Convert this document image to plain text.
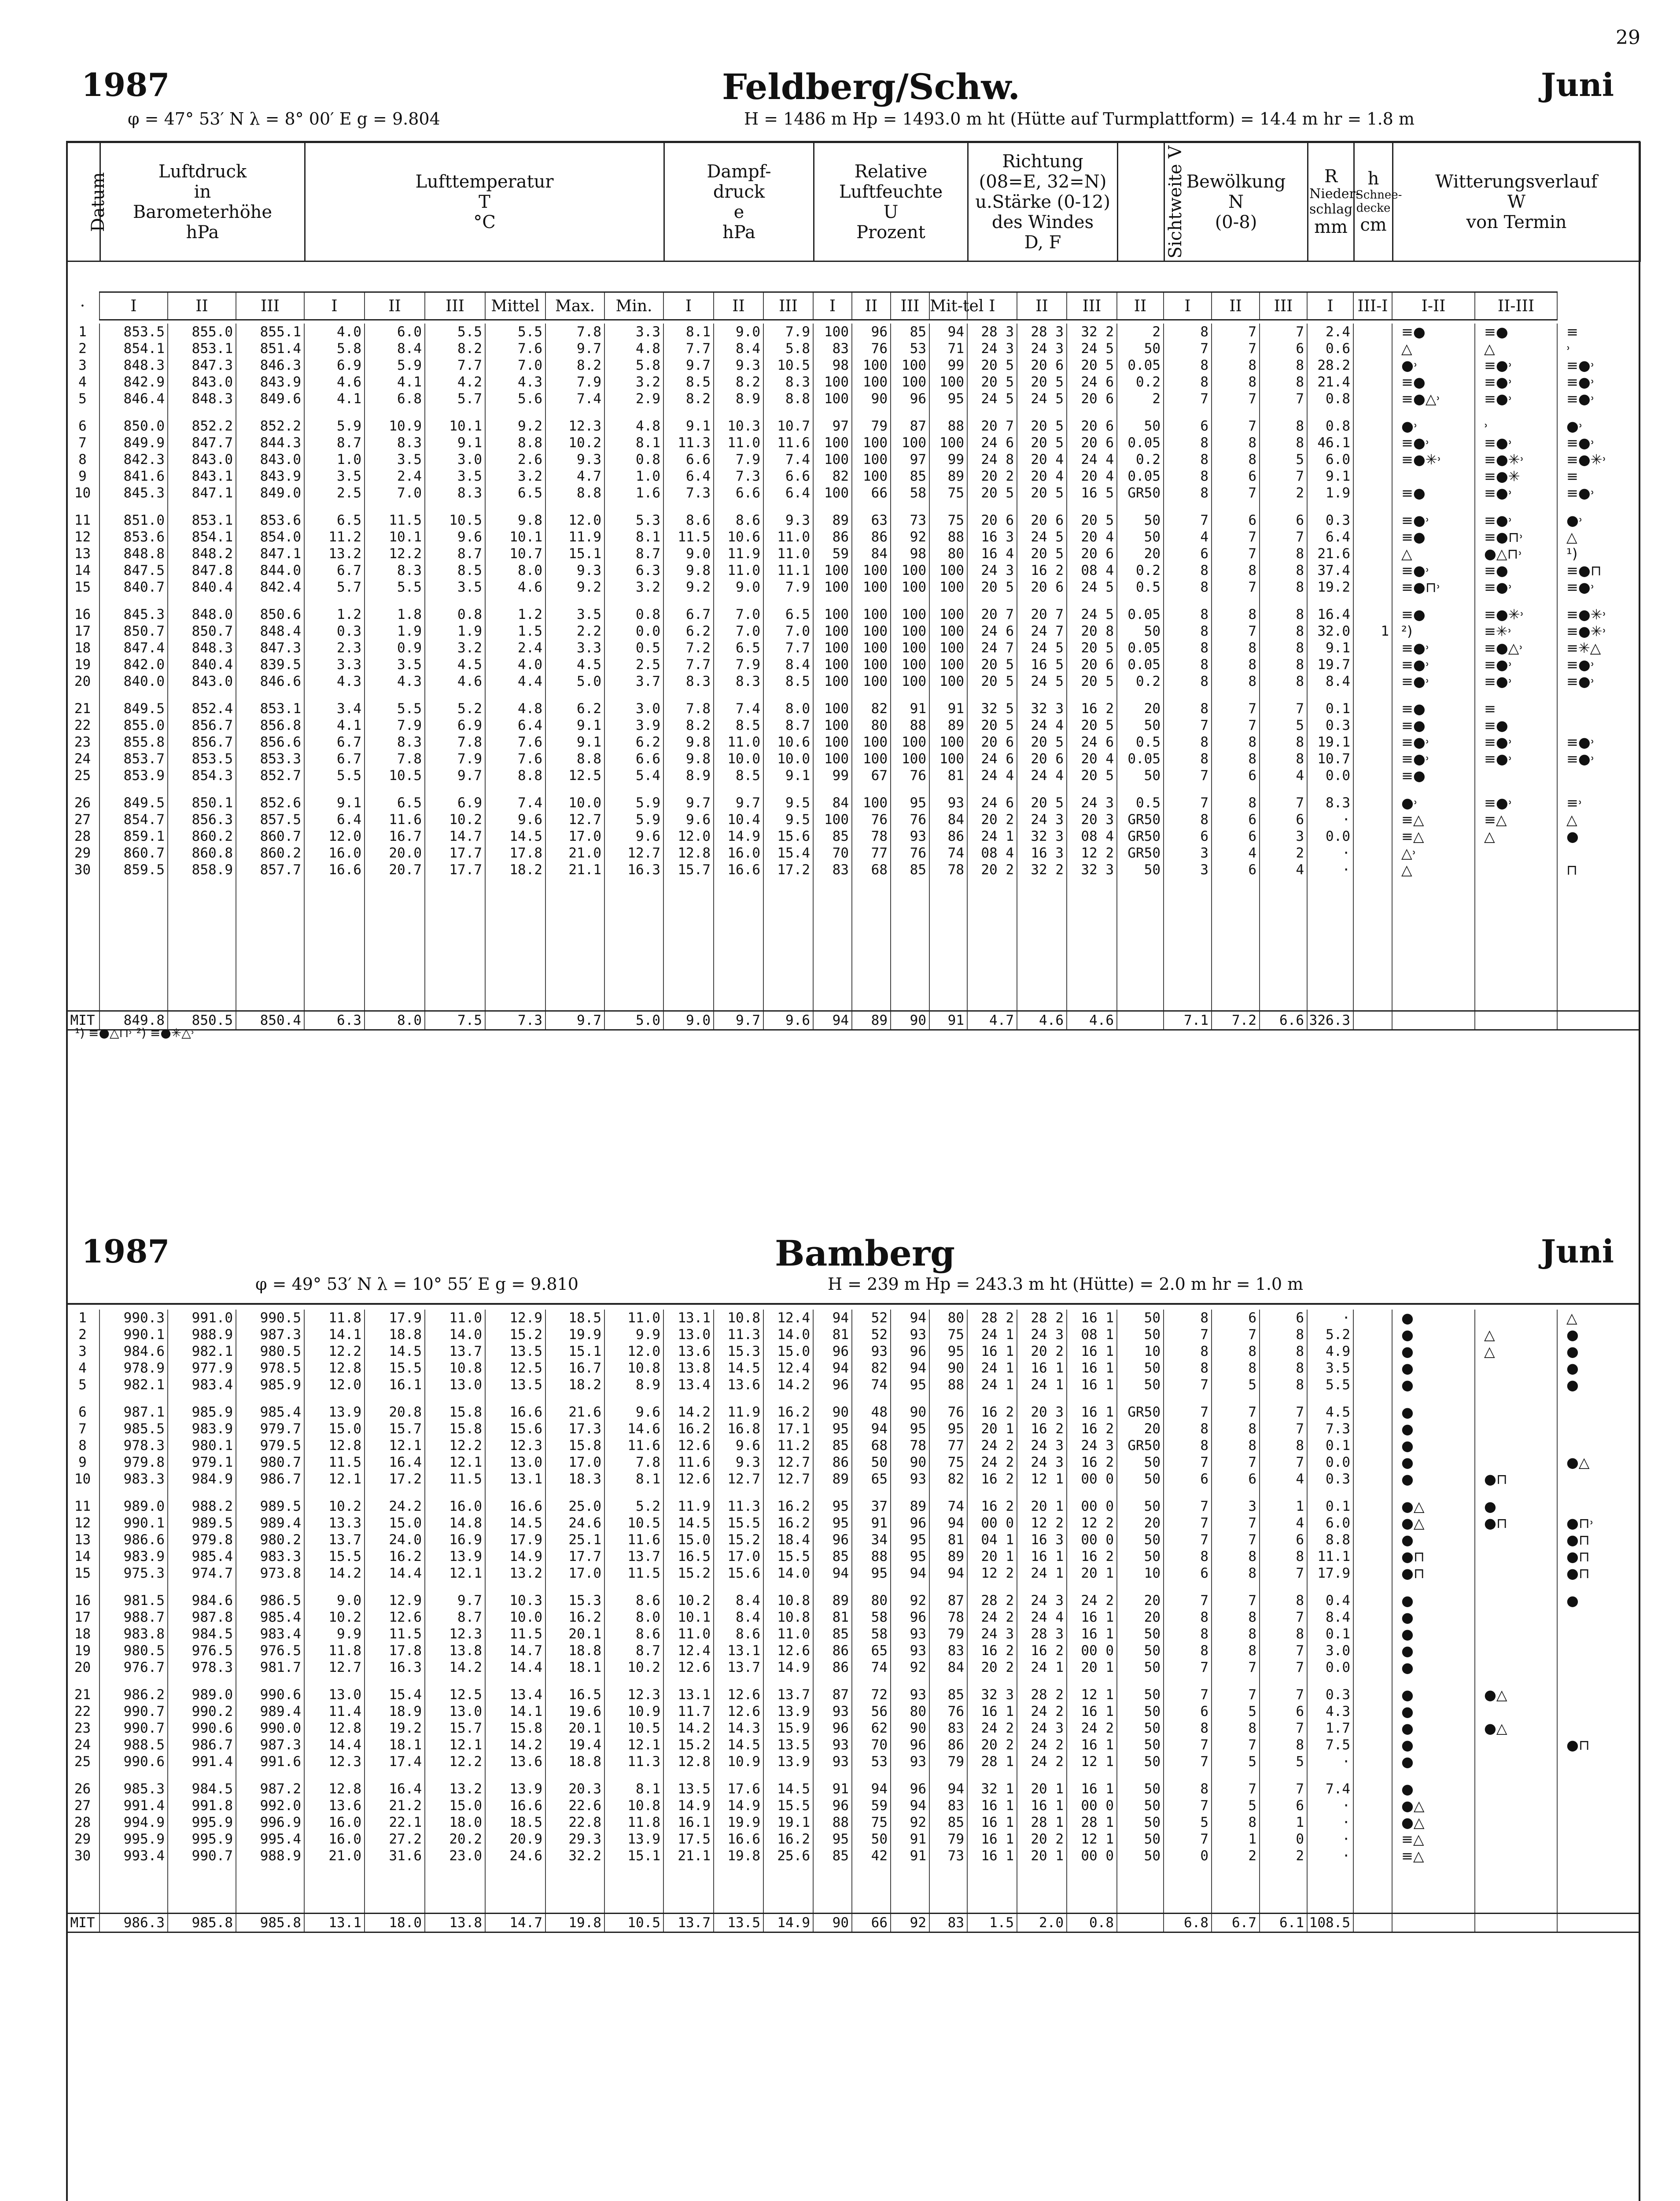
29
1987	Feldberg/Schw.	Juni
φ = 47° 53′ N λ = 8° 00′ E g = 9.804	H = 1486 m Hp = 1493.0 m ht (Hütte auf Turmplattform) = 14.4 m hr = 1.8 m
Datum	
Luftdruck
in
Barometerhöhe
hPa

Lufttemperatur
T
°C

Dampf-
druck
e
hPa

Relative
Luftfeuchte
U
Prozent

Richtung
(08=E, 32=N)
u.Stärke (0-12)
des Windes
D, F	Sichtweite V	Bewölkung
N
(0-8)

R
Nieder-schlag
mm

h
Schnee-decke
cm

Witterungsverlauf
W
von Termin
·	I	II	III	I	II	III	Mittel	Max.	Min.	I	II	III	I	II	III	Mit-tel	I	II	III	II	I	II	III	I	III-I	I-II	II-III
1	853.5	855.0	855.1	4.0	6.0	5.5	5.5	7.8	3.3	8.1	9.0	7.9	100	96	85	94	28 3	28 3	32 2	2	8	7	7	2.4		≡●	≡●	≡
2	854.1	853.1	851.4	5.8	8.4	8.2	7.6	9.7	4.8	7.7	8.4	5.8	83	76	53	71	24 3	24 3	24 5	50	7	7	6	0.6		△	△	˒
3	848.3	847.3	846.3	6.9	5.9	7.7	7.0	8.2	5.8	9.7	9.3	10.5	98	100	100	99	20 5	20 6	20 5	0.05	8	8	8	28.2		●˒	≡●˒	≡●˒
4	842.9	843.0	843.9	4.6	4.1	4.2	4.3	7.9	3.2	8.5	8.2	8.3	100	100	100	100	20 5	20 5	24 6	0.2	8	8	8	21.4		≡●	≡●˒	≡●˒
5	846.4	848.3	849.6	4.1	6.8	5.7	5.6	7.4	2.9	8.2	8.9	8.8	100	90	96	95	24 5	24 5	20 6	2	7	7	7	0.8		≡●△˒	≡●˒	≡●˒

6	850.0	852.2	852.2	5.9	10.9	10.1	9.2	12.3	4.8	9.1	10.3	10.7	97	79	87	88	20 7	20 5	20 6	50	6	7	8	0.8		●˒	˒	●˒
7	849.9	847.7	844.3	8.7	8.3	9.1	8.8	10.2	8.1	11.3	11.0	11.6	100	100	100	100	24 6	20 5	20 6	0.05	8	8	8	46.1		≡●˒	≡●˒	≡●˒
8	842.3	843.0	843.0	1.0	3.5	3.0	2.6	9.3	0.8	6.6	7.9	7.4	100	100	97	99	24 8	20 4	24 4	0.2	8	8	5	6.0		≡●✳˒	≡●✳˒	≡●✳˒
9	841.6	843.1	843.9	3.5	2.4	3.5	3.2	4.7	1.0	6.4	7.3	6.6	82	100	85	89	20 2	20 4	20 4	0.05	8	6	7	9.1			≡●✳	≡
10	845.3	847.1	849.0	2.5	7.0	8.3	6.5	8.8	1.6	7.3	6.6	6.4	100	66	58	75	20 5	20 5	16 5	GR50	8	7	2	1.9		≡●	≡●˒	≡●˒

11	851.0	853.1	853.6	6.5	11.5	10.5	9.8	12.0	5.3	8.6	8.6	9.3	89	63	73	75	20 6	20 6	20 5	50	7	6	6	0.3		≡●˒	≡●˒	●˒
12	853.6	854.1	854.0	11.2	10.1	9.6	10.1	11.9	8.1	11.5	10.6	11.0	86	86	92	88	16 3	24 5	20 4	50	4	7	7	6.4		≡●	≡●⊓˒	△
13	848.8	848.2	847.1	13.2	12.2	8.7	10.7	15.1	8.7	9.0	11.9	11.0	59	84	98	80	16 4	20 5	20 6	20	6	7	8	21.6		△	●△⊓˒	¹)
14	847.5	847.8	844.0	6.7	8.3	8.5	8.0	9.3	6.3	9.8	11.0	11.1	100	100	100	100	24 3	16 2	08 4	0.2	8	8	8	37.4		≡●˒	≡●	≡●⊓
15	840.7	840.4	842.4	5.7	5.5	3.5	4.6	9.2	3.2	9.2	9.0	7.9	100	100	100	100	20 5	20 6	24 5	0.5	8	7	8	19.2		≡●⊓˒	≡●˒	≡●˒

16	845.3	848.0	850.6	1.2	1.8	0.8	1.2	3.5	0.8	6.7	7.0	6.5	100	100	100	100	20 7	20 7	24 5	0.05	8	8	8	16.4		≡●	≡●✳˒	≡●✳˒
17	850.7	850.7	848.4	0.3	1.9	1.9	1.5	2.2	0.0	6.2	7.0	7.0	100	100	100	100	24 6	24 7	20 8	50	8	7	8	32.0	1	²)	≡✳˒	≡●✳˒
18	847.4	848.3	847.3	2.3	0.9	3.2	2.4	3.3	0.5	7.2	6.5	7.7	100	100	100	100	24 7	24 5	20 5	0.05	8	8	8	9.1		≡●˒	≡●△˒	≡✳△
19	842.0	840.4	839.5	3.3	3.5	4.5	4.0	4.5	2.5	7.7	7.9	8.4	100	100	100	100	20 5	16 5	20 6	0.05	8	8	8	19.7		≡●˒	≡●˒	≡●˒
20	840.0	843.0	846.6	4.3	4.3	4.6	4.4	5.0	3.7	8.3	8.3	8.5	100	100	100	100	20 5	24 5	20 5	0.2	8	8	8	8.4		≡●˒	≡●˒	≡●˒

21	849.5	852.4	853.1	3.4	5.5	5.2	4.8	6.2	3.0	7.8	7.4	8.0	100	82	91	91	32 5	32 3	16 2	20	8	7	7	0.1		≡●	≡	
22	855.0	856.7	856.8	4.1	7.9	6.9	6.4	9.1	3.9	8.2	8.5	8.7	100	80	88	89	20 5	24 4	20 5	50	7	7	5	0.3		≡●	≡●	
23	855.8	856.7	856.6	6.7	8.3	7.8	7.6	9.1	6.2	9.8	11.0	10.6	100	100	100	100	20 6	20 5	24 6	0.5	8	8	8	19.1		≡●˒	≡●˒	≡●˒
24	853.7	853.5	853.3	6.7	7.8	7.9	7.6	8.8	6.6	9.8	10.0	10.0	100	100	100	100	24 6	20 6	20 4	0.05	8	8	8	10.7		≡●˒	≡●˒	≡●˒
25	853.9	854.3	852.7	5.5	10.5	9.7	8.8	12.5	5.4	8.9	8.5	9.1	99	67	76	81	24 4	24 4	20 5	50	7	6	4	0.0		≡●		

26	849.5	850.1	852.6	9.1	6.5	6.9	7.4	10.0	5.9	9.7	9.7	9.5	84	100	95	93	24 6	20 5	24 3	0.5	7	8	7	8.3		●˒	≡●˒	≡˒
27	854.7	856.3	857.5	6.4	11.6	10.2	9.6	12.7	5.9	9.6	10.4	9.5	100	76	76	84	20 2	24 3	20 3	GR50	8	6	6	·		≡△	≡△	△
28	859.1	860.2	860.7	12.0	16.7	14.7	14.5	17.0	9.6	12.0	14.9	15.6	85	78	93	86	24 1	32 3	08 4	GR50	6	6	3	0.0		≡△	△	●
29	860.7	860.8	860.2	16.0	20.0	17.7	17.8	21.0	12.7	12.8	16.0	15.4	70	77	76	74	08 4	16 3	12 2	GR50	3	4	2	·		△˒		
30	859.5	858.9	857.7	16.6	20.7	17.7	18.2	21.1	16.3	15.7	16.6	17.2	83	68	85	78	20 2	32 2	32 3	50	3	6	4	·		△		⊓

MIT	849.8	850.5	850.4	6.3	8.0	7.5	7.3	9.7	5.0	9.0	9.7	9.6	94	89	90	91	4.7	4.6	4.6		7.1	7.2	6.6	326.3				
¹) ≡●△⊓˒ ²) ≡●✳△˒
1987	Bamberg	Juni
φ = 49° 53′ N λ = 10° 55′ E g = 9.810	H = 239 m Hp = 243.3 m ht (Hütte) = 2.0 m hr = 1.0 m
1	990.3	991.0	990.5	11.8	17.9	11.0	12.9	18.5	11.0	13.1	10.8	12.4	94	52	94	80	28 2	28 2	16 1	50	8	6	6	·		●		△
2	990.1	988.9	987.3	14.1	18.8	14.0	15.2	19.9	9.9	13.0	11.3	14.0	81	52	93	75	24 1	24 3	08 1	50	7	7	8	5.2		●	△	●
3	984.6	982.1	980.5	12.2	14.5	13.7	13.5	15.1	12.0	13.6	15.3	15.0	96	93	96	95	16 1	20 2	16 1	10	8	8	8	4.9		●	△	●
4	978.9	977.9	978.5	12.8	15.5	10.8	12.5	16.7	10.8	13.8	14.5	12.4	94	82	94	90	24 1	16 1	16 1	50	8	8	8	3.5		●		●
5	982.1	983.4	985.9	12.0	16.1	13.0	13.5	18.2	8.9	13.4	13.6	14.2	96	74	95	88	24 1	24 1	16 1	50	7	5	8	5.5		●		●

6	987.1	985.9	985.4	13.9	20.8	15.8	16.6	21.6	9.6	14.2	11.9	16.2	90	48	90	76	16 2	20 3	16 1	GR50	7	7	7	4.5		●		
7	985.5	983.9	979.7	15.0	15.7	15.8	15.6	17.3	14.6	16.2	16.8	17.1	95	94	95	95	20 1	16 2	16 2	20	8	8	7	7.3		●		
8	978.3	980.1	979.5	12.8	12.1	12.2	12.3	15.8	11.6	12.6	9.6	11.2	85	68	78	77	24 2	24 3	24 3	GR50	8	8	8	0.1		●		
9	979.8	979.1	980.7	11.5	16.4	12.1	13.0	17.0	7.8	11.6	9.3	12.7	86	50	90	75	24 2	24 3	16 2	50	7	7	7	0.0		●		●△
10	983.3	984.9	986.7	12.1	17.2	11.5	13.1	18.3	8.1	12.6	12.7	12.7	89	65	93	82	16 2	12 1	00 0	50	6	6	4	0.3		●	●⊓	

11	989.0	988.2	989.5	10.2	24.2	16.0	16.6	25.0	5.2	11.9	11.3	16.2	95	37	89	74	16 2	20 1	00 0	50	7	3	1	0.1		●△	●	
12	990.1	989.5	989.4	13.3	15.0	14.8	14.5	24.6	10.5	14.5	15.5	16.2	95	91	96	94	00 0	12 2	12 2	20	7	7	4	6.0		●△	●⊓	●⊓˒
13	986.6	979.8	980.2	13.7	24.0	16.9	17.9	25.1	11.6	15.0	15.2	18.4	96	34	95	81	04 1	16 3	00 0	50	7	7	6	8.8		●		●⊓
14	983.9	985.4	983.3	15.5	16.2	13.9	14.9	17.7	13.7	16.5	17.0	15.5	85	88	95	89	20 1	16 1	16 2	50	8	8	8	11.1		●⊓		●⊓
15	975.3	974.7	973.8	14.2	14.4	12.1	13.2	17.0	11.5	15.2	15.6	14.0	94	95	94	94	12 2	24 1	20 1	10	6	8	7	17.9		●⊓		●⊓

16	981.5	984.6	986.5	9.0	12.9	9.7	10.3	15.3	8.6	10.2	8.4	10.8	89	80	92	87	28 2	24 3	24 2	20	7	7	8	0.4		●		●
17	988.7	987.8	985.4	10.2	12.6	8.7	10.0	16.2	8.0	10.1	8.4	10.8	81	58	96	78	24 2	24 4	16 1	20	8	8	7	8.4		●		
18	983.8	984.5	983.4	9.9	11.5	12.3	11.5	20.1	8.6	11.0	8.6	11.0	85	58	93	79	24 3	28 3	16 1	50	8	8	8	0.1		●		
19	980.5	976.5	976.5	11.8	17.8	13.8	14.7	18.8	8.7	12.4	13.1	12.6	86	65	93	83	16 2	16 2	00 0	50	8	8	7	3.0		●		
20	976.7	978.3	981.7	12.7	16.3	14.2	14.4	18.1	10.2	12.6	13.7	14.9	86	74	92	84	20 2	24 1	20 1	50	7	7	7	0.0		●		

21	986.2	989.0	990.6	13.0	15.4	12.5	13.4	16.5	12.3	13.1	12.6	13.7	87	72	93	85	32 3	28 2	12 1	50	7	7	7	0.3		●	●△	
22	990.7	990.2	989.4	11.4	18.9	13.0	14.1	19.6	10.9	11.7	12.6	13.9	93	56	80	76	16 1	24 2	16 1	50	6	5	6	4.3		●		
23	990.7	990.6	990.0	12.8	19.2	15.7	15.8	20.1	10.5	14.2	14.3	15.9	96	62	90	83	24 2	24 3	24 2	50	8	8	7	1.7		●	●△	
24	988.5	986.7	987.3	14.4	18.1	12.1	14.2	19.4	12.1	15.2	14.5	13.5	93	70	96	86	20 2	24 2	16 1	50	7	7	8	7.5		●		●⊓
25	990.6	991.4	991.6	12.3	17.4	12.2	13.6	18.8	11.3	12.8	10.9	13.9	93	53	93	79	28 1	24 2	12 1	50	7	5	5	·		●		

26	985.3	984.5	987.2	12.8	16.4	13.2	13.9	20.3	8.1	13.5	17.6	14.5	91	94	96	94	32 1	20 1	16 1	50	8	7	7	7.4		●		
27	991.4	991.8	992.0	13.6	21.2	15.0	16.6	22.6	10.8	14.9	14.9	15.5	96	59	94	83	16 1	16 1	00 0	50	7	5	6	·		●△		
28	994.9	995.9	996.9	16.0	22.1	18.0	18.5	22.8	11.8	16.1	19.9	19.1	88	75	92	85	16 1	28 1	28 1	50	5	8	1	·		●△		
29	995.9	995.9	995.4	16.0	27.2	20.2	20.9	29.3	13.9	17.5	16.6	16.2	95	50	91	79	16 1	20 2	12 1	50	7	1	0	·		≡△		
30	993.4	990.7	988.9	21.0	31.6	23.0	24.6	32.2	15.1	21.1	19.8	25.6	85	42	91	73	16 1	20 1	00 0	50	0	2	2	·		≡△		

MIT	986.3	985.8	985.8	13.1	18.0	13.8	14.7	19.8	10.5	13.7	13.5	14.9	90	66	92	83	1.5	2.0	0.8		6.8	6.7	6.1	108.5				
